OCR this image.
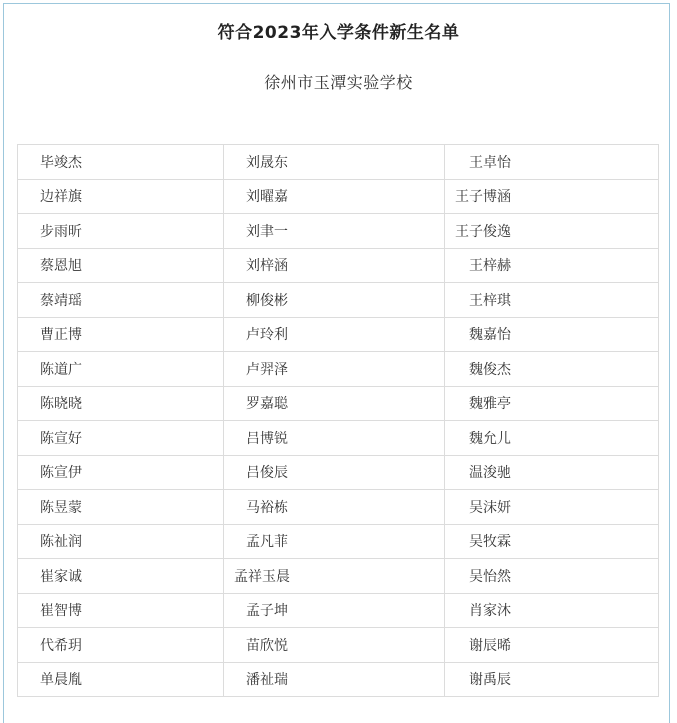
符合2023年入学条件新生名单
徐州市玉潭实验学校
毕竣杰	刘晟东	王卓怡
边祥旗	刘曜嘉	王子博涵
步雨昕	刘聿一	王子俊逸
蔡恩旭	刘梓涵	王梓赫
蔡靖瑶	柳俊彬	王梓琪
曹正博	卢玲利	魏嘉怡
陈道广	卢羿泽	魏俊杰
陈晓晓	罗嘉聪	魏雅亭
陈宣好	吕博锐	魏允儿
陈宣伊	吕俊辰	温浚驰
陈昱蒙	马裕栋	吴沫妍
陈祉润	孟凡菲	吴牧霖
崔家诚	孟祥玉晨	吴怡然
崔智博	孟子坤	肖家沐
代希玥	苗欣悦	谢辰晞
单晨胤	潘祉瑞	谢禹辰
